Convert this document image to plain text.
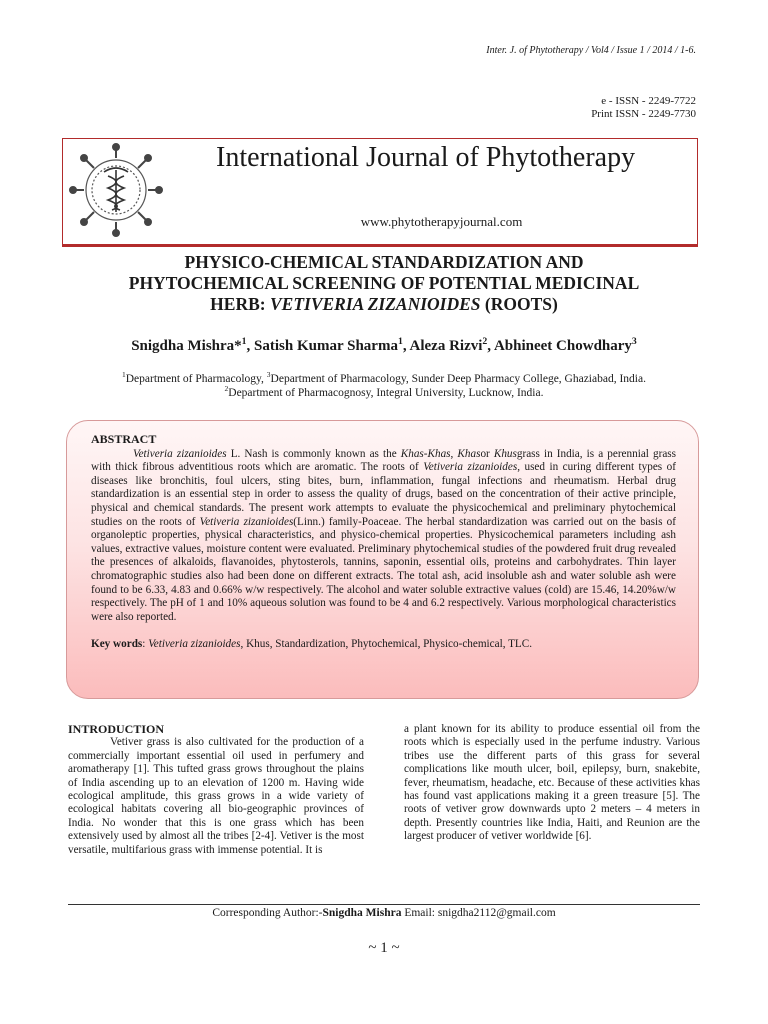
Inter. J. of Phytotherapy / Vol4 / Issue 1 / 2014 / 1-6.
e - ISSN - 2249-7722
Print ISSN - 2249-7730
International Journal of Phytotherapy
www.phytotherapyjournal.com
PHYSICO-CHEMICAL STANDARDIZATION AND
PHYTOCHEMICAL SCREENING OF POTENTIAL MEDICINAL
HERB: VETIVERIA ZIZANIOIDES (ROOTS)
Snigdha Mishra*$^1$, Satish Kumar Sharma$^1$, Aleza Rizvi$^2$, Abhineet Chowdhary$^3$
$^1$Department of Pharmacology, $^3$Department of Pharmacology, Sunder Deep Pharmacy College, Ghaziabad, India.
$^2$Department of Pharmacognosy, Integral University, Lucknow, India.
ABSTRACT
Vetiveria zizanioides L. Nash is commonly known as the Khas-Khas, Khasor Khusgrass in India, is a perennial grass with thick fibrous adventitious roots which are aromatic. The roots of Vetiveria zizanioides, used in curing different types of diseases like bronchitis, foul ulcers, sting bites, burn, inflammation, fungal infections and rheumatism. Herbal drug standardization is an essential step in order to assess the quality of drugs, based on the concentration of their active principle, physical and chemical standards. The present work attempts to evaluate the physicochemical and preliminary phytochemical studies on the roots of Vetiveria zizanioides(Linn.) family-Poaceae. The herbal standardization was carried out on the basis of organoleptic properties, physical characteristics, and physico-chemical properties. Physicochemical parameters including ash values, extractive values, moisture content were evaluated. Preliminary phytochemical studies of the powdered fruit drug revealed the presences of alkaloids, flavanoides, phytosterols, tannins, saponin, essential oils, proteins and carbohydrates. Thin layer chromatographic studies also had been done on different extracts. The total ash, acid insoluble ash and water soluble ash were found to be 6.33, 4.83 and 0.66% w/w respectively. The alcohol and water soluble extractive values (cold) are 15.46, 14.20%w/w respectively. The pH of 1 and 10% aqueous solution was found to be 4 and 6.2 respectively. Various morphological characteristics were also reported.
Key words: Vetiveria zizanioides, Khus, Standardization, Phytochemical, Physico-chemical, TLC.
INTRODUCTION
Vetiver grass is also cultivated for the production of a commercially important essential oil used in perfumery and aromatherapy [1]. This tufted grass grows throughout the plains of India ascending up to an elevation of 1200 m. Having wide ecological amplitude, this grass grows in a wide variety of ecological habitats covering all bio-geographic provinces of India. No wonder that this is one grass which has been extensively used by almost all the tribes [2-4]. Vetiver is the most versatile, multifarious grass with immense potential. It is
a plant known for its ability to produce essential oil from the roots which is especially used in the perfume industry. Various tribes use the different parts of this grass for several complications like mouth ulcer, boil, epilepsy, burn, snakebite, fever, rheumatism, headache, etc. Because of these activities khas has found vast applications making it a green treasure [5]. The roots of vetiver grow downwards upto 2 meters – 4 meters in depth. Presently countries like India, Haiti, and Reunion are the largest producer of vetiver worldwide [6].
Corresponding Author:-Snigdha Mishra Email: snigdha2112@gmail.com
~ 1 ~
